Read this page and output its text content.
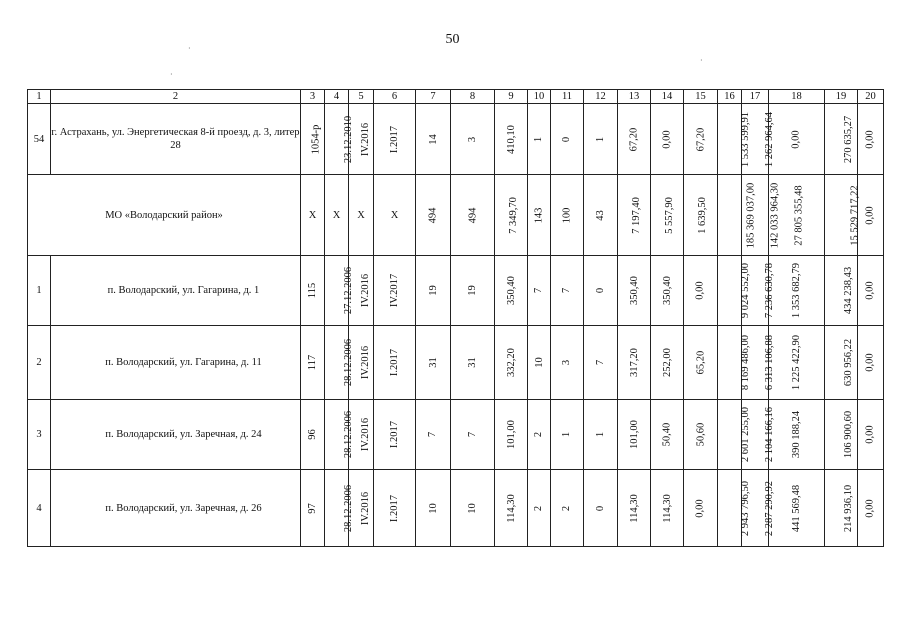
50
1	2	3	4	5	6	7	8	9	10	11	12	13	14	15	16	17	18	19	20
54	г. Астрахань, ул. Энергетическая 8-й проезд, д. 3, литер 28	1054-р	23.12.2010	IV.2016	I.2017	14	3	410,10	1	0	1	67,20	0,00	67,20	1 533 599,91	1 262 964,64	0,00	270 635,27	0,00
МО «Володарский район»		X	X	X	X	494	494	7 349,70	143	100	43	7 197,40	5 557,90	1 639,50	185 369 037,00	142 033 964,30	27 805 355,48	15 529 717,22	0,00
1	п. Володарский, ул. Гагарина, д. 1	115	27.12.2006	IV.2016	IV.2017	19	19	350,40	7	7	0	350,40	350,40	0,00	9 024 552,00	7 236 630,78	1 353 682,79	434 238,43	0,00
2	п. Володарский, ул. Гагарина, д. 11	117	28.12.2006	IV.2016	I.2017	31	31	332,20	10	3	7	317,20	252,00	65,20	8 169 486,00	6 313 106,88	1 225 422,90	630 956,22	0,00
3	п. Володарский, ул. Заречная, д. 24	96	28.12.2006	IV.2016	I.2017	7	7	101,00	2	1	1	101,00	50,40	50,60	2 601 255,00	2 104 166,16	390 188,24	106 900,60	0,00
4	п. Володарский, ул. Заречная, д. 26	97	28.12.2006	IV.2016	I.2017	10	10	114,30	2	2	0	114,30	114,30	0,00	2 943 796,50	2 287 290,92	441 569,48	214 936,10	0,00
·
·
·
